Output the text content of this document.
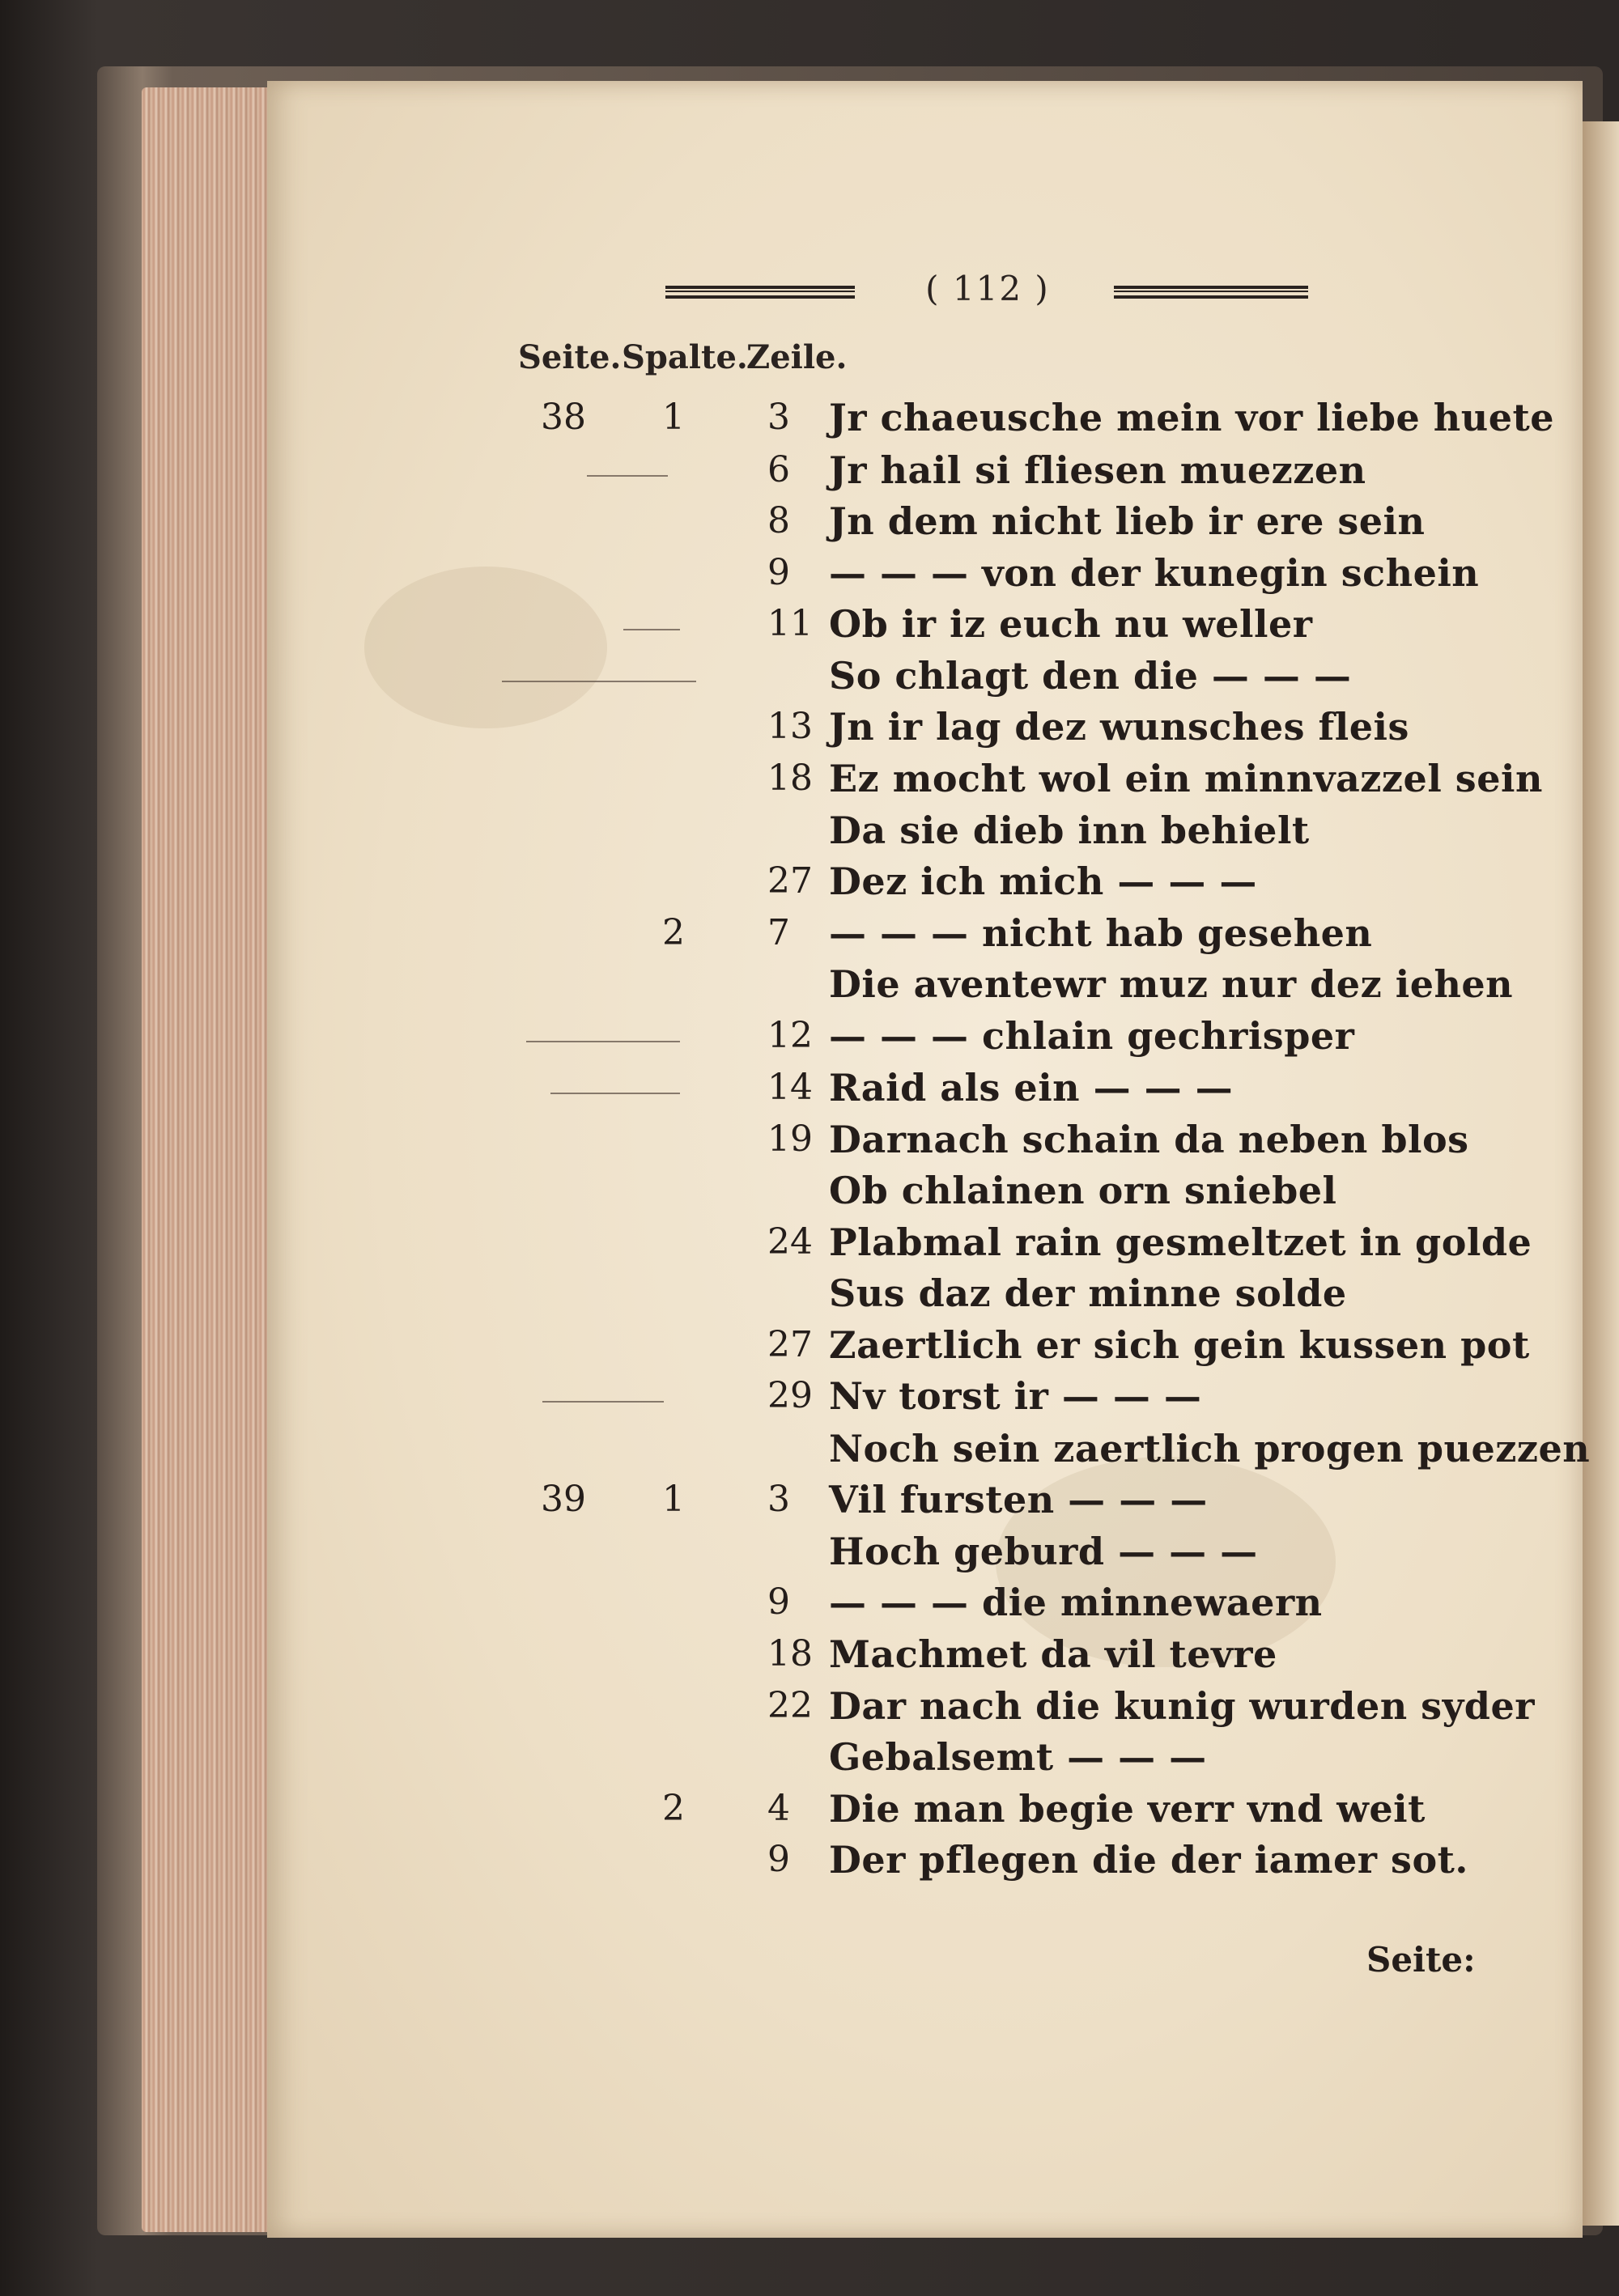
( 112 )
Seite. Spalte.
Zeile.
38 1 3 Jr chaeusche mein vor liebe huete
6 Jr hail si fliesen muezzen
8 Jn dem nicht lieb ir ere sein
9 — — — von der kunegin schein
11 Ob ir iz euch nu weller
So chlagt den die — — —
13 Jn ir lag dez wunsches fleis
18 Ez mocht wol ein minnvazzel sein
Da sie dieb inn behielt
27 Dez ich mich — — —
2 7 — — — nicht hab gesehen
Die aventewr muz nur dez iehen
12 — — — chlain gechrisper
14 Raid als ein — — —
19 Darnach schain da neben blos
Ob chlainen orn sniebel
24 Plabmal rain gesmeltzet in golde
Sus daz der minne solde
27 Zaertlich er sich gein kussen pot
29 Nv torst ir — — —
Noch sein zaertlich progen puezzen
39 1 3 Vil fursten — — —
Hoch geburd — — —
9 — — — die minnewaern
18 Machmet da vil tevre
22 Dar nach die kunig wurden syder
Gebalsemt — — —
2 4 Die man begie verr vnd weit
9 Der pflegen die der iamer sot.
Seite:
